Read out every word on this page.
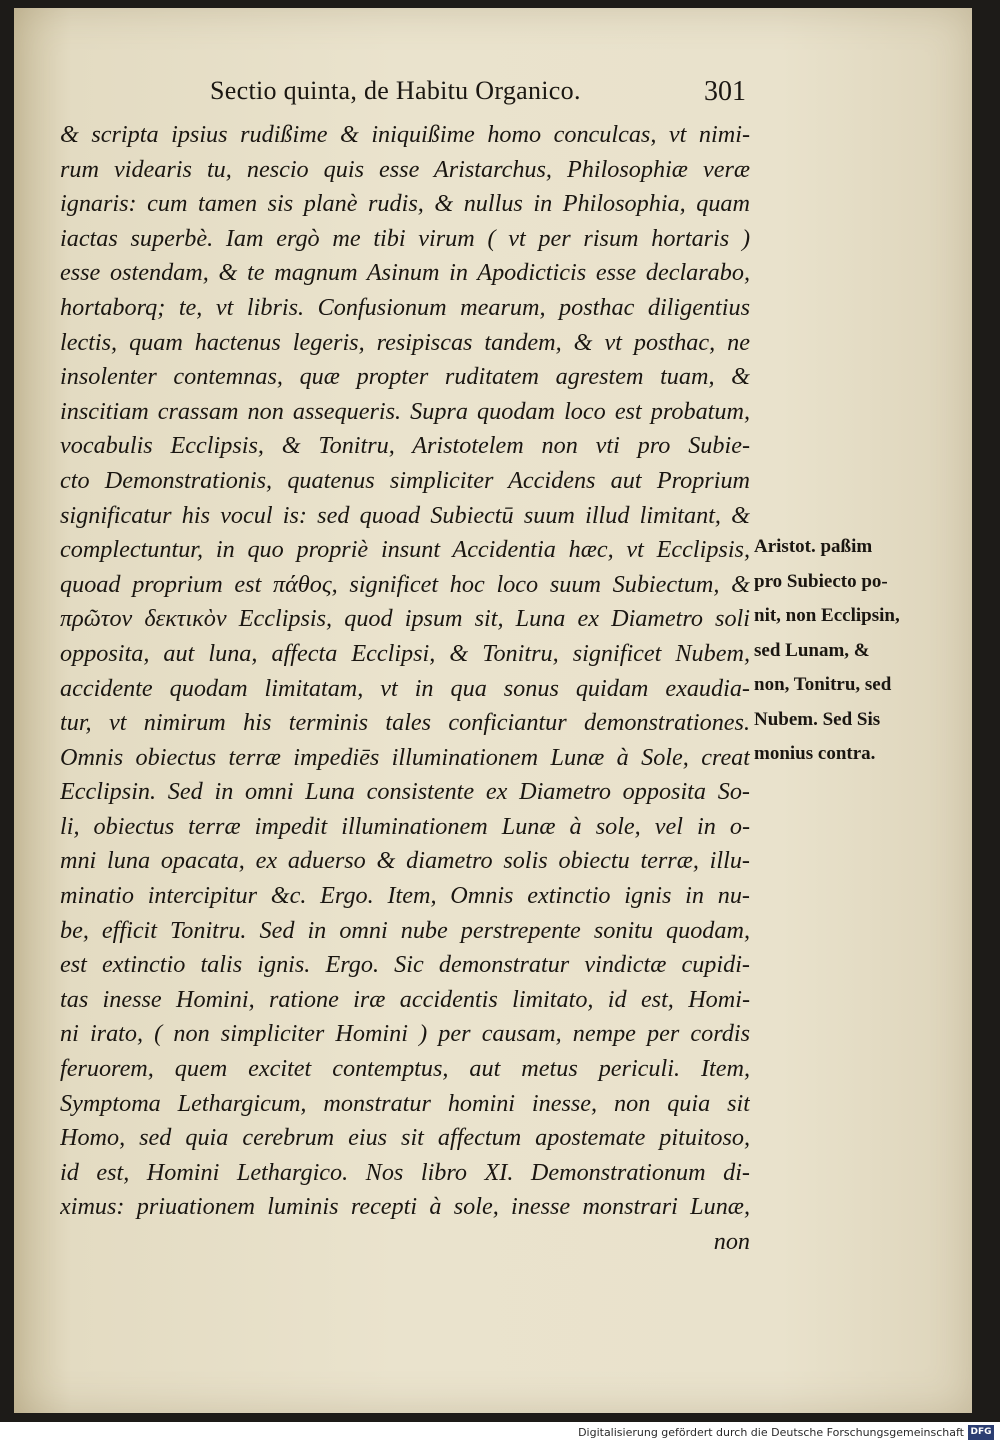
Sectio quinta, de Habitu Organico.	301
& scripta ipsius rudißime & iniquißime homo conculcas, vt nimi-
rum videaris tu, nescio quis esse Aristarchus, Philosophiæ veræ
ignaris: cum tamen sis planè rudis, & nullus in Philosophia, quam
iactas superbè. Iam ergò me tibi virum ( vt per risum hortaris )
esse ostendam, & te magnum Asinum in Apodicticis esse declarabo,
hortaborq; te, vt libris. Confusionum mearum, posthac diligentius
lectis, quam hactenus legeris, resipiscas tandem, & vt posthac, ne
insolenter contemnas, quæ propter ruditatem agrestem tuam, &
inscitiam crassam non assequeris. Supra quodam loco est probatum,
vocabulis Ecclipsis, & Tonitru, Aristotelem non vti pro Subie-
cto Demonstrationis, quatenus simpliciter Accidens aut Proprium
significatur his vocul is: sed quoad Subiectū suum illud limitant, &
complectuntur, in quo propriè insunt Accidentia hæc, vt Ecclipsis,
quoad proprium est πάθος, significet hoc loco suum Subiectum, &
πρῶτον δεκτικὸν Ecclipsis, quod ipsum sit, Luna ex Diametro soli
opposita, aut luna, affecta Ecclipsi, & Tonitru, significet Nubem,
accidente quodam limitatam, vt in qua sonus quidam exaudia-
tur, vt nimirum his terminis tales conficiantur demonstrationes.
Omnis obiectus terræ impediēs illuminationem Lunæ à Sole, creat
Ecclipsin. Sed in omni Luna consistente ex Diametro opposita So-
li, obiectus terræ impedit illuminationem Lunæ à sole, vel in o-
mni luna opacata, ex aduerso & diametro solis obiectu terræ, illu-
minatio intercipitur &c. Ergo. Item, Omnis extinctio ignis in nu-
be, efficit Tonitru. Sed in omni nube perstrepente sonitu quodam,
est extinctio talis ignis. Ergo. Sic demonstratur vindictæ cupidi-
tas inesse Homini, ratione iræ accidentis limitato, id est, Homi-
ni irato, ( non simpliciter Homini ) per causam, nempe per cordis
feruorem, quem excitet contemptus, aut metus periculi. Item,
Symptoma Lethargicum, monstratur homini inesse, non quia sit
Homo, sed quia cerebrum eius sit affectum apostemate pituitoso,
id est, Homini Lethargico. Nos libro XI. Demonstrationum di-
ximus: priuationem luminis recepti à sole, inesse monstrari Lunæ,
non
Aristot. paßim
pro Subiecto po-
nit, non Ecclipsin,
sed Lunam, &
non, Tonitru, sed
Nubem. Sed Sis
monius contra.
Digitalisierung gefördert durch die Deutsche Forschungsgemeinschaft DFG
